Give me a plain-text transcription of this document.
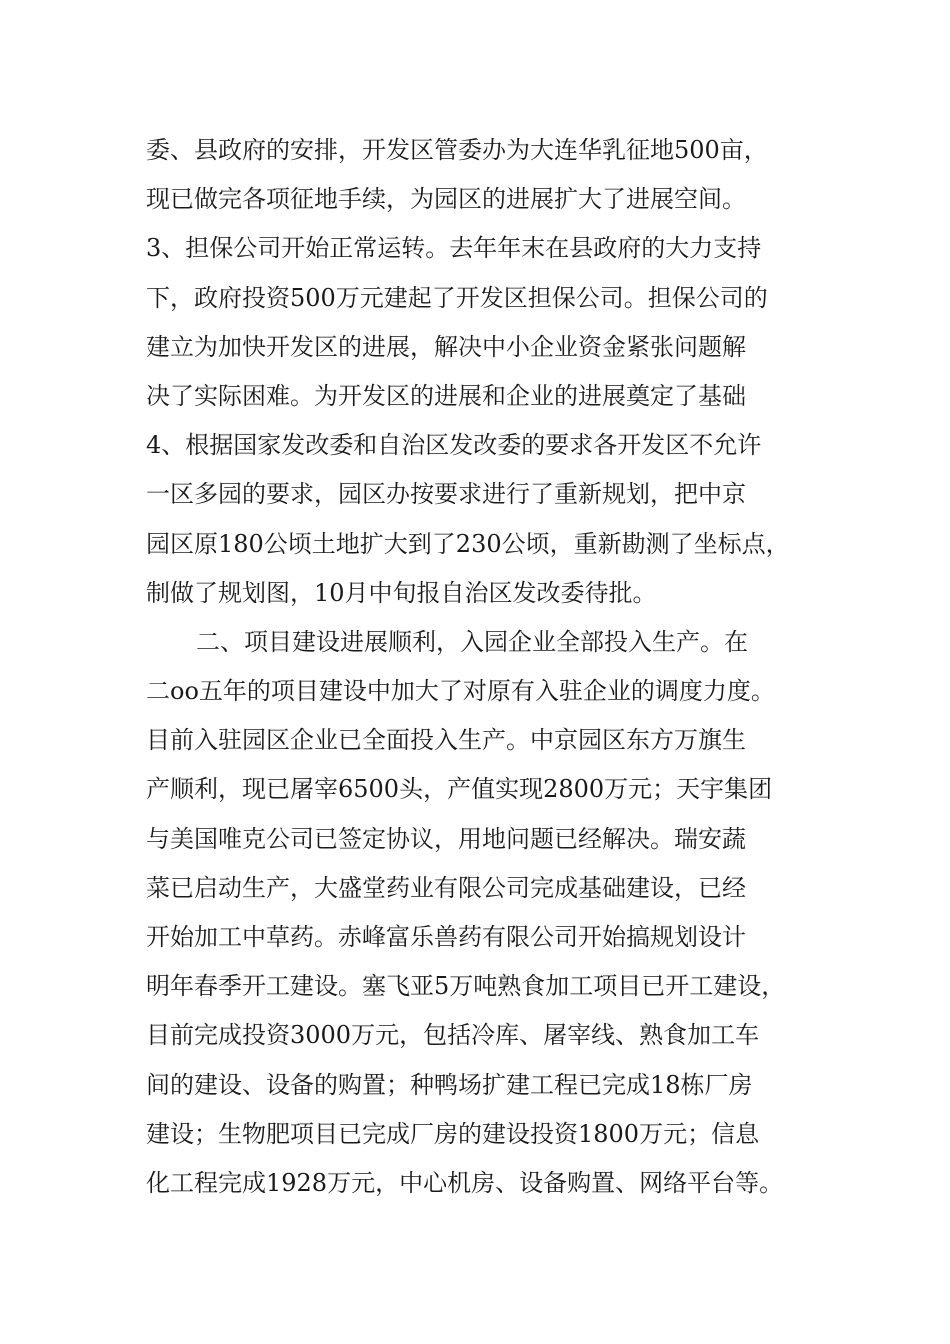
委、县政府的安排，开发区管委办为大连华乳征地500亩，
现已做完各项征地手续，为园区的进展扩大了进展空间。
3、担保公司开始正常运转。去年年末在县政府的大力支持
下，政府投资500万元建起了开发区担保公司。担保公司的
建立为加快开发区的进展，解决中小企业资金紧张问题解
决了实际困难。为开发区的进展和企业的进展奠定了基础
4、根据国家发改委和自治区发改委的要求各开发区不允许
一区多园的要求，园区办按要求进行了重新规划，把中京
园区原180公顷土地扩大到了230公顷，重新勘测了坐标点，
制做了规划图，10月中旬报自治区发改委待批。
二、项目建设进展顺利，入园企业全部投入生产。在
二oo五年的项目建设中加大了对原有入驻企业的调度力度。
目前入驻园区企业已全面投入生产。中京园区东方万旗生
产顺利，现已屠宰6500头，产值实现2800万元；天宇集团
与美国唯克公司已签定协议，用地问题已经解决。瑞安蔬
菜已启动生产，大盛堂药业有限公司完成基础建设，已经
开始加工中草药。赤峰富乐兽药有限公司开始搞规划设计
明年春季开工建设。塞飞亚5万吨熟食加工项目已开工建设，
目前完成投资3000万元，包括冷库、屠宰线、熟食加工车
间的建设、设备的购置；种鸭场扩建工程已完成18栋厂房
建设；生物肥项目已完成厂房的建设投资1800万元；信息
化工程完成1928万元，中心机房、设备购置、网络平台等。
